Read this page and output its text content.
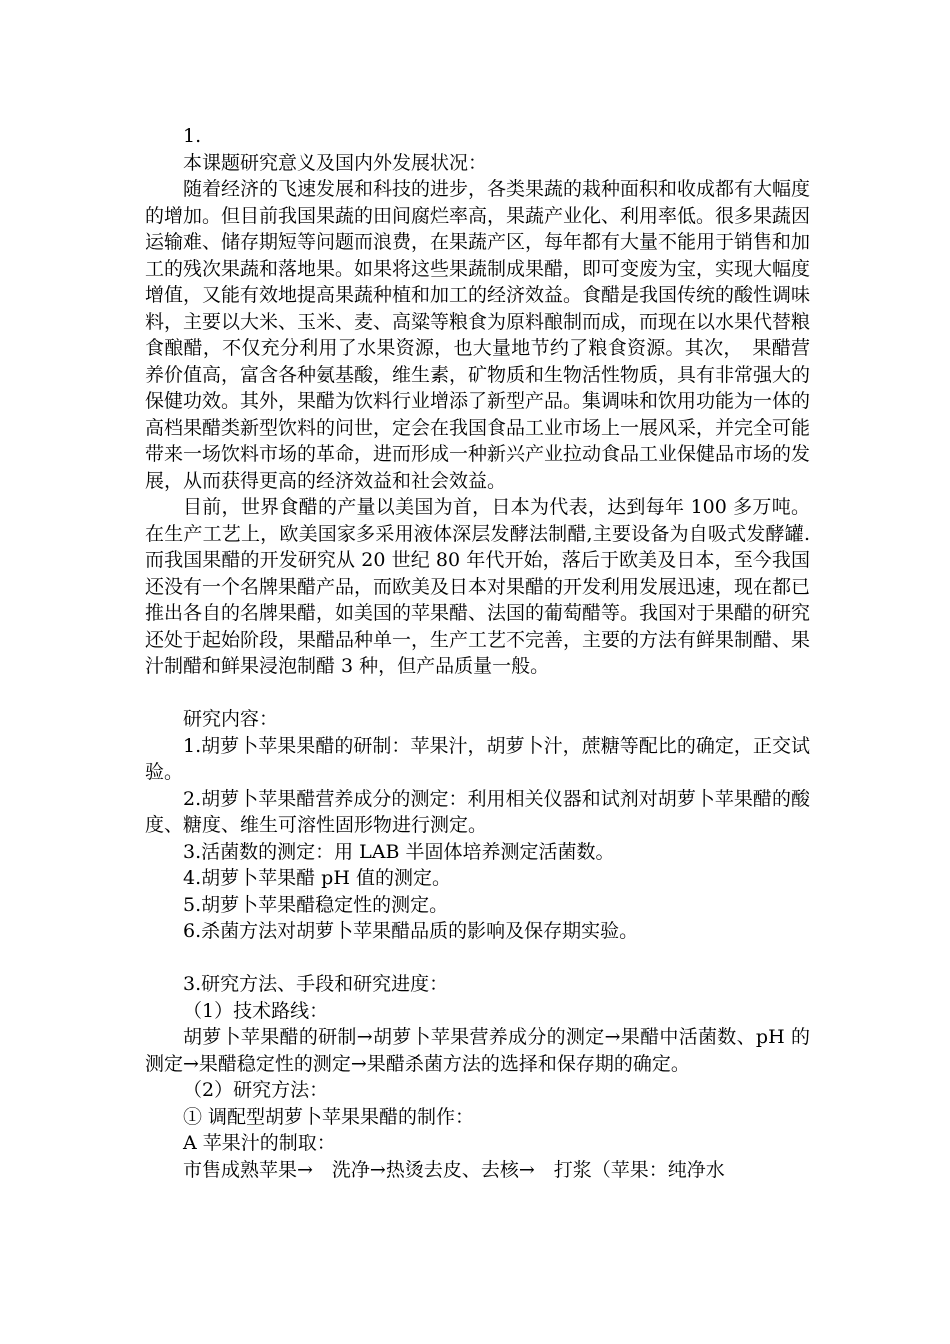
1.

本课题研究意义及国内外发展状况：

随着经济的飞速发展和科技的进步，各类果蔬的栽种面积和收成都有大幅度的增加。但目前我国果蔬的田间腐烂率高，果蔬产业化、利用率低。很多果蔬因运输难、储存期短等问题而浪费，在果蔬产区，每年都有大量不能用于销售和加工的残次果蔬和落地果。如果将这些果蔬制成果醋，即可变废为宝，实现大幅度增值，又能有效地提高果蔬种植和加工的经济效益。食醋是我国传统的酸性调味料，主要以大米、玉米、麦、高粱等粮食为原料酿制而成，而现在以水果代替粮食酿醋，不仅充分利用了水果资源，也大量地节约了粮食资源。其次，　果醋营养价值高，富含各种氨基酸，维生素，矿物质和生物活性物质，具有非常强大的保健功效。其外，果醋为饮料行业增添了新型产品。集调味和饮用功能为一体的高档果醋类新型饮料的问世，定会在我国食品工业市场上一展风采，并完全可能带来一场饮料市场的革命，进而形成一种新兴产业拉动食品工业保健品市场的发展，从而获得更高的经济效益和社会效益。

目前，世界食醋的产量以美国为首，日本为代表，达到每年 100 多万吨。在生产工艺上，欧美国家多采用液体深层发酵法制醋,主要设备为自吸式发酵罐.而我国果醋的开发研究从 20 世纪 80 年代开始，落后于欧美及日本，至今我国还没有一个名牌果醋产品，而欧美及日本对果醋的开发利用发展迅速，现在都已推出各自的名牌果醋，如美国的苹果醋、法国的葡萄醋等。我国对于果醋的研究还处于起始阶段，果醋品种单一，生产工艺不完善，主要的方法有鲜果制醋、果汁制醋和鲜果浸泡制醋 3 种，但产品质量一般。

研究内容：

1.胡萝卜苹果果醋的研制：苹果汁，胡萝卜汁，蔗糖等配比的确定，正交试验。

2.胡萝卜苹果醋营养成分的测定：利用相关仪器和试剂对胡萝卜苹果醋的酸度、糖度、维生可溶性固形物进行测定。

3.活菌数的测定：用 LAB 半固体培养测定活菌数。

4.胡萝卜苹果醋 pH 值的测定。

5.胡萝卜苹果醋稳定性的测定。

6.杀菌方法对胡萝卜苹果醋品质的影响及保存期实验。

3.研究方法、手段和研究进度：

（1）技术路线：

胡萝卜苹果醋的研制→胡萝卜苹果营养成分的测定→果醋中活菌数、pH 的测定→果醋稳定性的测定→果醋杀菌方法的选择和保存期的确定。

（2）研究方法：

① 调配型胡萝卜苹果果醋的制作：

A 苹果汁的制取：

市售成熟苹果→　洗净→热烫去皮、去核→　打浆（苹果：纯净水
